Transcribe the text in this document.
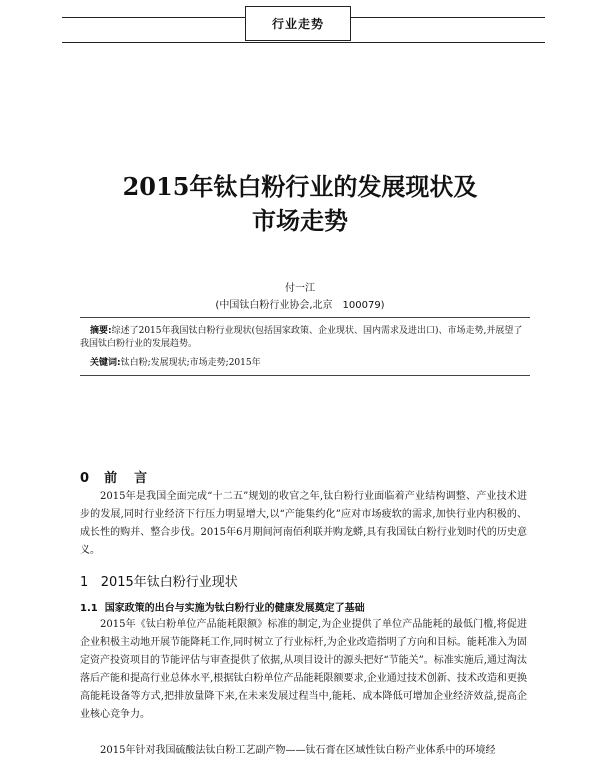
行业走势
2015年钛白粉行业的发展现状及
市场走势
付一江
(中国钛白粉行业协会,北京　100079)

摘要:综述了2015年我国钛白粉行业现状(包括国家政策、企业现状、国内需求及进出口)、市场走势,并展望了我国钛白粉行业的发展趋势。

关键词:钛白粉;发展现状;市场走势;2015年
0 前　言

2015年是我国全面完成“十二五”规划的收官之年,钛白粉行业面临着产业结构调整、产业技术进步的发展,同时行业经济下行压力明显增大,以“产能集约化”应对市场疲软的需求,加快行业内积极的、成长性的购并、整合步伐。2015年6月期间河南佰利联并购龙蟒,具有我国钛白粉行业划时代的历史意义。

1 2015年钛白粉行业现状
1.1 国家政策的出台与实施为钛白粉行业的健康发展奠定了基础

2015年《钛白粉单位产品能耗限额》标准的制定,为企业提供了单位产品能耗的最低门槛,将促进企业积极主动地开展节能降耗工作,同时树立了行业标杆,为企业改造指明了方向和目标。能耗准入为固定资产投资项目的节能评估与审查提供了依据,从项目设计的源头把好“节能关”。标准实施后,通过淘汰落后产能和提高行业总体水平,根据钛白粉单位产品能耗限额要求,企业通过技术创新、技术改造和更换高能耗设备等方式,把排放量降下来,在未来发展过程当中,能耗、成本降低可增加企业经济效益,提高企业核心竞争力。

2015年针对我国硫酸法钛白粉工艺副产物——钛石膏在区域性钛白粉产业体系中的环境经
